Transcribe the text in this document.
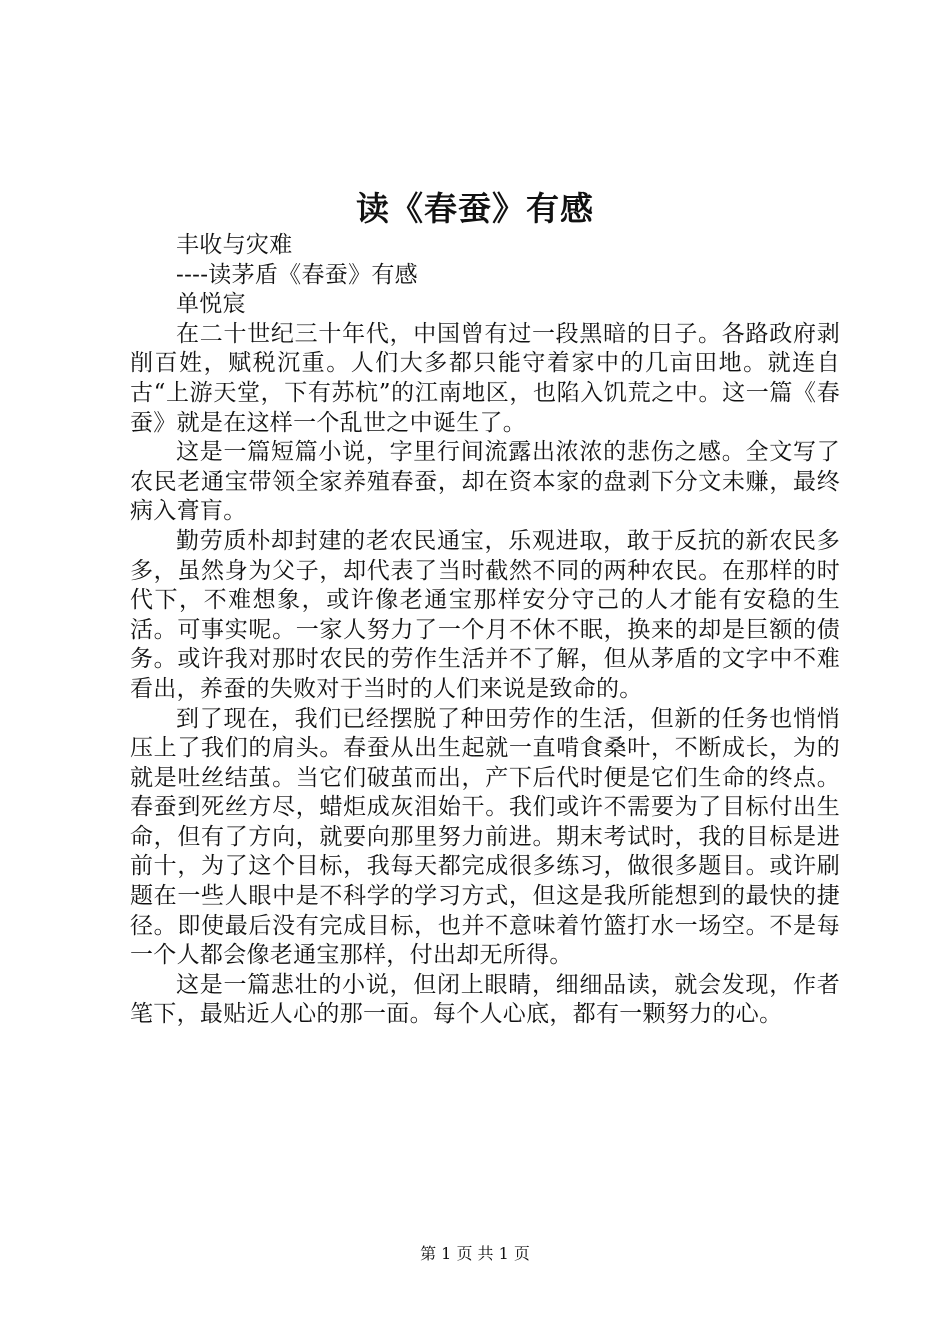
读《春蚕》有感

丰收与灾难

----读茅盾《春蚕》有感

单悦宸

在二十世纪三十年代，中国曾有过一段黑暗的日子。各路政府剥削百姓，赋税沉重。人们大多都只能守着家中的几亩田地。就连自古“上游天堂，下有苏杭”的江南地区，也陷入饥荒之中。这一篇《春蚕》就是在这样一个乱世之中诞生了。

这是一篇短篇小说，字里行间流露出浓浓的悲伤之感。全文写了农民老通宝带领全家养殖春蚕，却在资本家的盘剥下分文未赚，最终病入膏肓。

勤劳质朴却封建的老农民通宝，乐观进取，敢于反抗的新农民多多，虽然身为父子，却代表了当时截然不同的两种农民。在那样的时代下，不难想象，或许像老通宝那样安分守己的人才能有安稳的生活。可事实呢。一家人努力了一个月不休不眠，换来的却是巨额的债务。或许我对那时农民的劳作生活并不了解，但从茅盾的文字中不难看出，养蚕的失败对于当时的人们来说是致命的。

到了现在，我们已经摆脱了种田劳作的生活，但新的任务也悄悄压上了我们的肩头。春蚕从出生起就一直啃食桑叶，不断成长，为的就是吐丝结茧。当它们破茧而出，产下后代时便是它们生命的终点。春蚕到死丝方尽，蜡炬成灰泪始干。我们或许不需要为了目标付出生命，但有了方向，就要向那里努力前进。期末考试时，我的目标是进前十，为了这个目标，我每天都完成很多练习，做很多题目。或许刷题在一些人眼中是不科学的学习方式，但这是我所能想到的最快的捷径。即使最后没有完成目标，也并不意味着竹篮打水一场空。不是每一个人都会像老通宝那样，付出却无所得。

这是一篇悲壮的小说，但闭上眼睛，细细品读，就会发现，作者笔下，最贴近人心的那一面。每个人心底，都有一颗努力的心。

第 1 页 共 1 页
